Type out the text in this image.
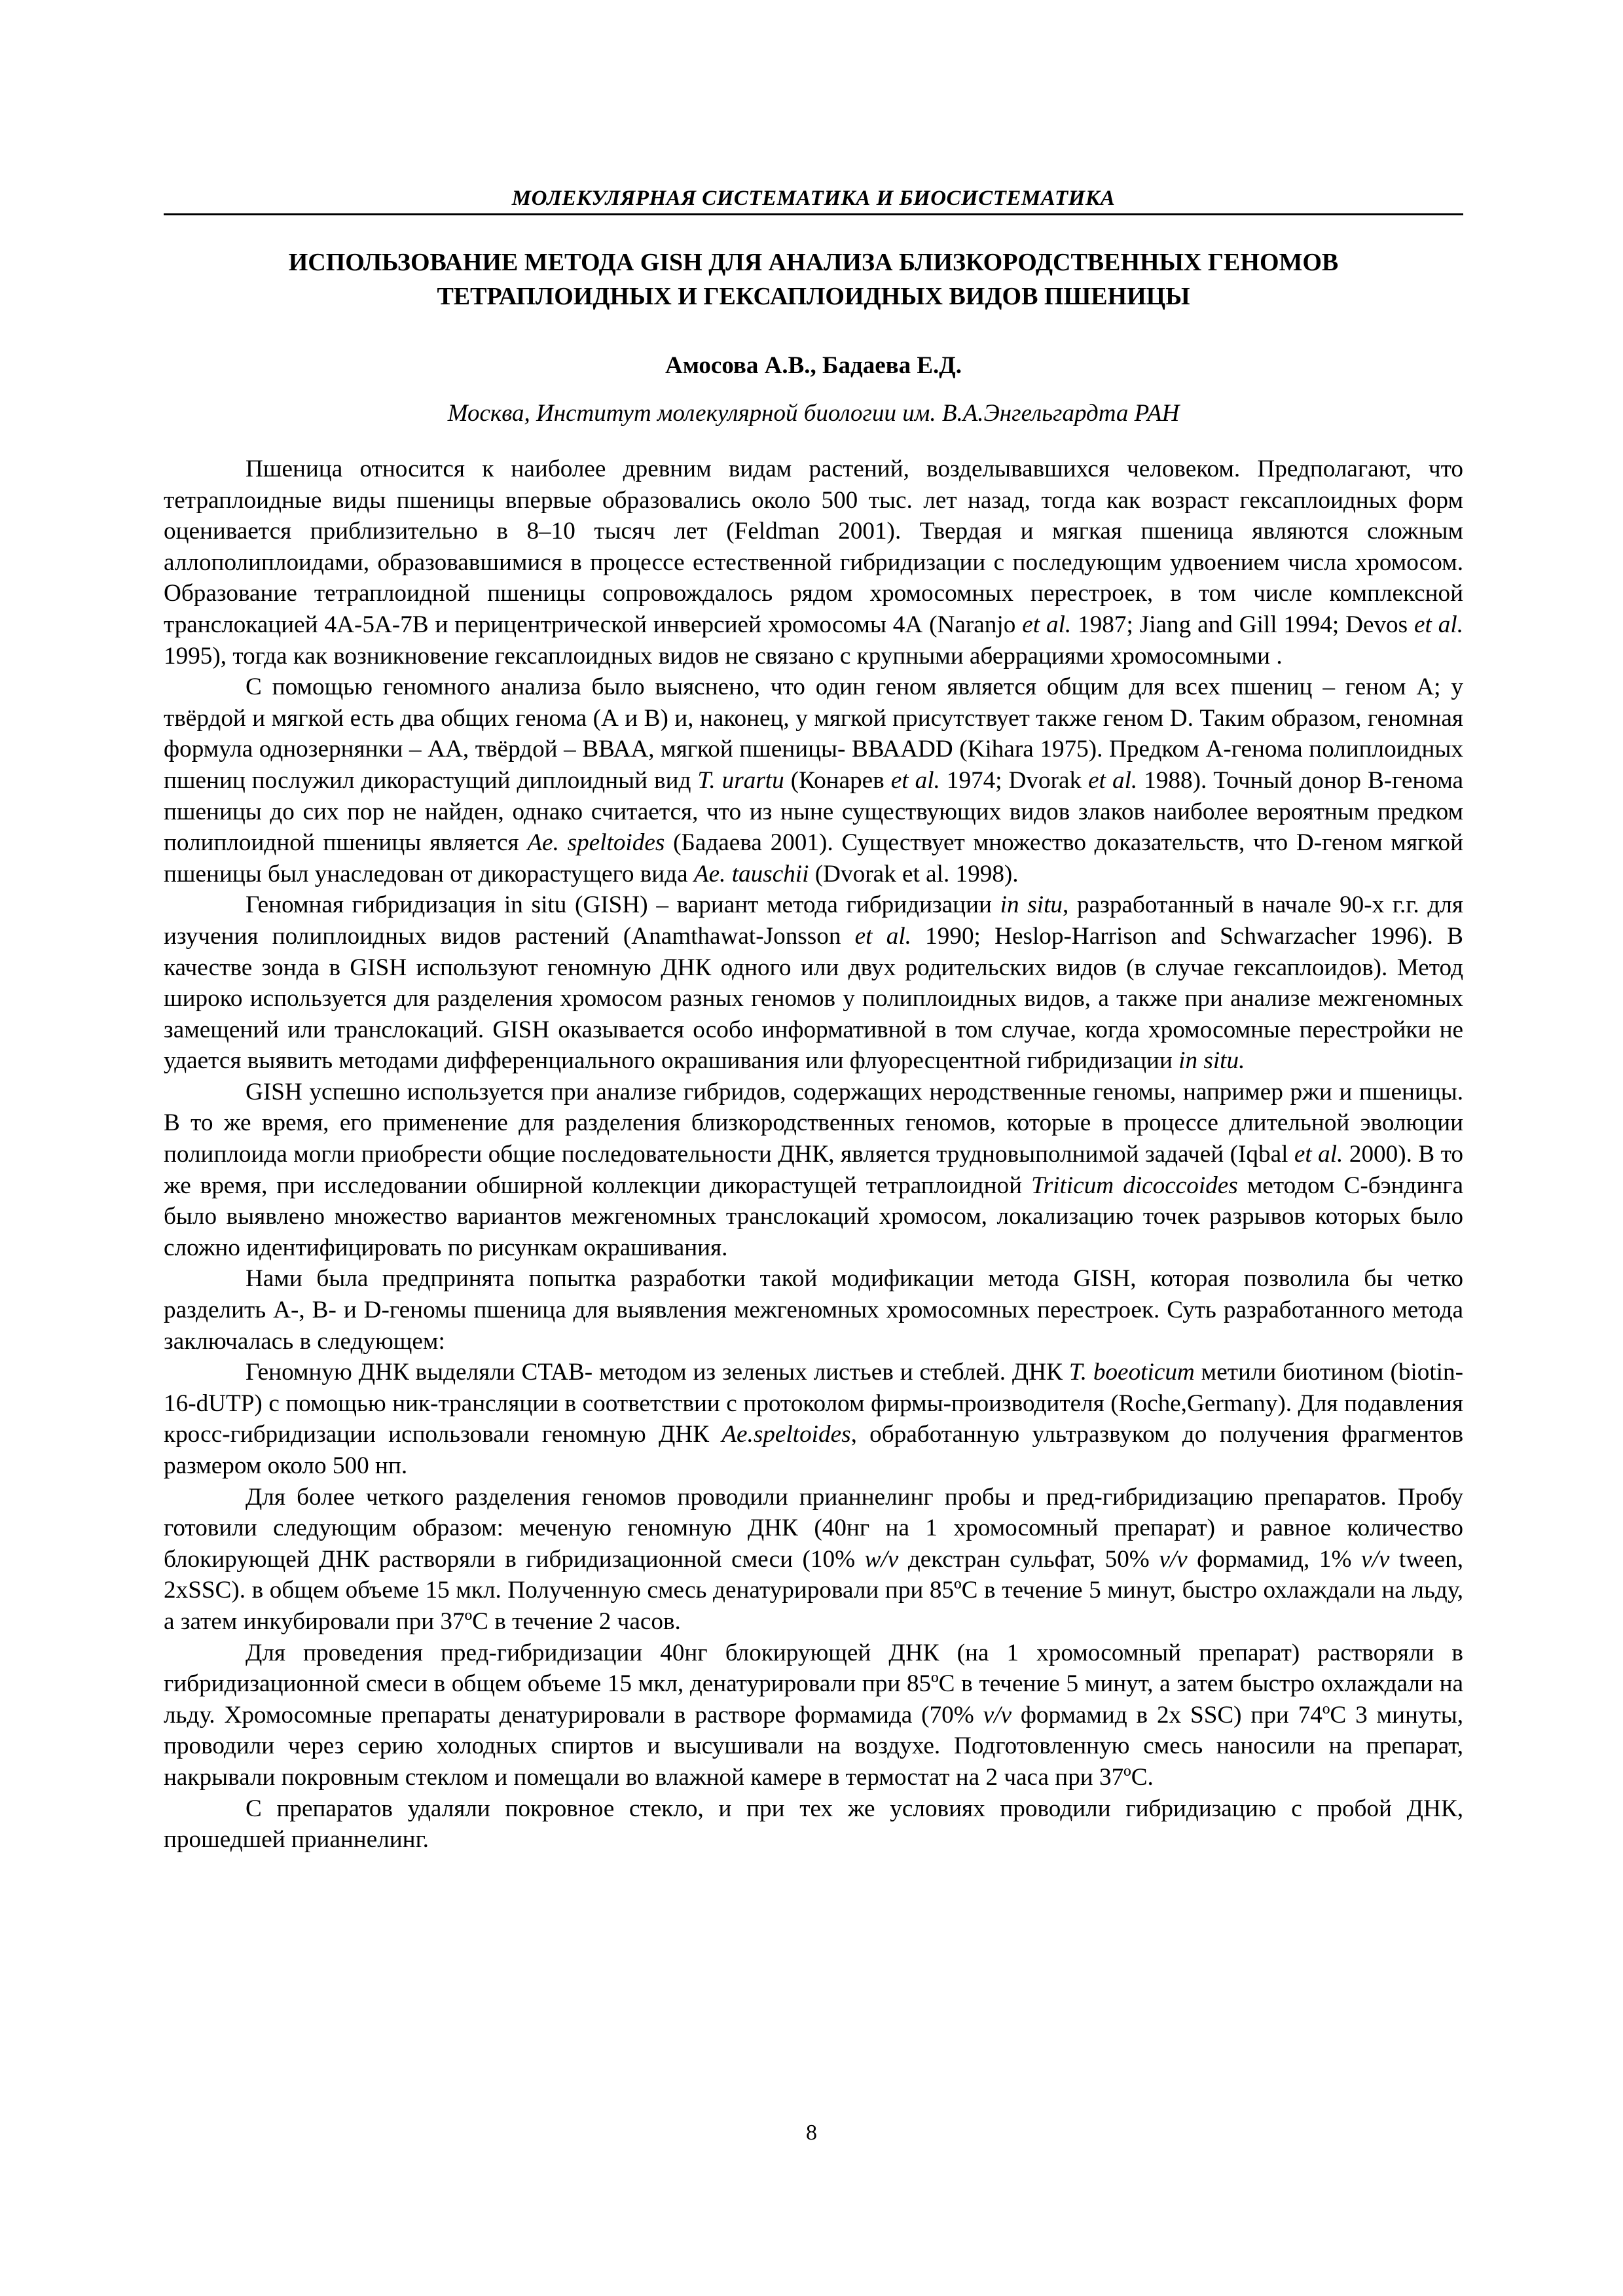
МОЛЕКУЛЯРНАЯ СИСТЕМАТИКА И БИОСИСТЕМАТИКА
ИСПОЛЬЗОВАНИЕ МЕТОДА GISH ДЛЯ АНАЛИЗА БЛИЗКОРОДСТВЕННЫХ ГЕНОМОВ
ТЕТРАПЛОИДНЫХ И ГЕКСАПЛОИДНЫХ ВИДОВ ПШЕНИЦЫ
Амосова А.В., Бадаева Е.Д.
Москва, Институт молекулярной биологии им. В.А.Энгельгардта РАН

Пшеница относится к наиболее древним видам растений, возделывавшихся человеком. Предполагают, что тетраплоидные виды пшеницы впервые образовались около 500 тыс. лет назад, тогда как возраст гексаплоидных форм оценивается приблизительно в 8–10 тысяч лет (Feldman 2001). Твердая и мягкая пшеница являются сложным аллополиплоидами, образовавшимися в процессе естественной гибридизации с последующим удвоением числа хромосом. Образование тетраплоидной пшеницы сопровождалось рядом хромосомных перестроек, в том числе комплексной транслокацией 4А-5А-7В и перицентрической инверсией хромосомы 4А (Naranjo et al. 1987; Jiang and Gill 1994; Devos et al. 1995), тогда как возникновение гексаплоидных видов не связано с крупными аберрациями хромосомными .

С помощью геномного анализа было выяснено, что один геном является общим для всех пшениц – геном A; у твёрдой и мягкой есть два общих генома (А и В) и, наконец, у мягкой присутствует также геном D. Таким образом, геномная формула однозернянки – АА, твёрдой – ВВАА, мягкой пшеницы- ВВААDD (Kihara 1975). Предком А-генома полиплоидных пшениц послужил дикорастущий диплоидный вид T. urartu (Конарев et al. 1974; Dvorak et al. 1988). Точный донор В-генома пшеницы до сих пор не найден, однако считается, что из ныне существующих видов злаков наиболее вероятным предком полиплоидной пшеницы является Ae. speltoides (Бадаева 2001). Существует множество доказательств, что D-геном мягкой пшеницы был унаследован от дикорастущего вида Ae. tauschii (Dvorak et al. 1998).

Геномная гибридизация in situ (GISH) – вариант метода гибридизации in situ, разработанный в начале 90-х г.г. для изучения полиплоидных видов растений (Anamthawat-Jonsson et al. 1990; Heslop-Harrison and Schwarzacher 1996). В качестве зонда в GISH используют геномную ДНК одного или двух родительских видов (в случае гексаплоидов). Метод широко используется для разделения хромосом разных геномов у полиплоидных видов, а также при анализе межгеномных замещений или транслокаций. GISH оказывается особо информативной в том случае, когда хромосомные перестройки не удается выявить методами дифференциального окрашивания или флуоресцентной гибридизации in situ.

GISH успешно используется при анализе гибридов, содержащих неродственные геномы, например ржи и пшеницы. В то же время, его применение для разделения близкородственных геномов, которые в процессе длительной эволюции полиплоида могли приобрести общие последовательности ДНК, является трудновыполнимой задачей (Iqbal et al. 2000). В то же время, при исследовании обширной коллекции дикорастущей тетраплоидной Triticum dicoccoides методом С-бэндинга было выявлено множество вариантов межгеномных транслокаций хромосом, локализацию точек разрывов которых было сложно идентифицировать по рисункам окрашивания.

Нами была предпринята попытка разработки такой модификации метода GISH, которая позволила бы четко разделить А-, В- и D-геномы пшеница для выявления межгеномных хромосомных перестроек. Суть разработанного метода заключалась в следующем:

Геномную ДНК выделяли CTAB- методом из зеленых листьев и стеблей. ДНК T. boeoticum метили биотином (biotin-16-dUTP) с помощью ник-трансляции в соответствии с протоколом фирмы-производителя (Roche,Germany). Для подавления кросс-гибридизации использовали геномную ДНК Ae.speltoides, обработанную ультразвуком до получения фрагментов размером около 500 нп.

Для более четкого разделения геномов проводили прианнелинг пробы и пред-гибридизацию препаратов. Пробу готовили следующим образом: меченую геномную ДНК (40нг на 1 хромосомный препарат) и равное количество блокирующей ДНК растворяли в гибридизационной смеси (10% w/v декстран сульфат, 50% v/v формамид, 1% v/v tween, 2xSSC). в общем объеме 15 мкл. Полученную смесь денатурировали при 85ºС в течение 5 минут, быстро охлаждали на льду, а затем инкубировали при 37ºС в течение 2 часов.

Для проведения пред-гибридизации 40нг блокирующей ДНК (на 1 хромосомный препарат) растворяли в гибридизационной смеси в общем объеме 15 мкл, денатурировали при 85ºС в течение 5 минут, а затем быстро охлаждали на льду. Хромосомные препараты денатурировали в растворе формамида (70% v/v формамид в 2x SSC) при 74ºС 3 минуты, проводили через серию холодных спиртов и высушивали на воздухе. Подготовленную смесь наносили на препарат, накрывали покровным стеклом и помещали во влажной камере в термостат на 2 часа при 37ºС.

С препаратов удаляли покровное стекло, и при тех же условиях проводили гибридизацию с пробой ДНК, прошедшей прианнелинг.

8
